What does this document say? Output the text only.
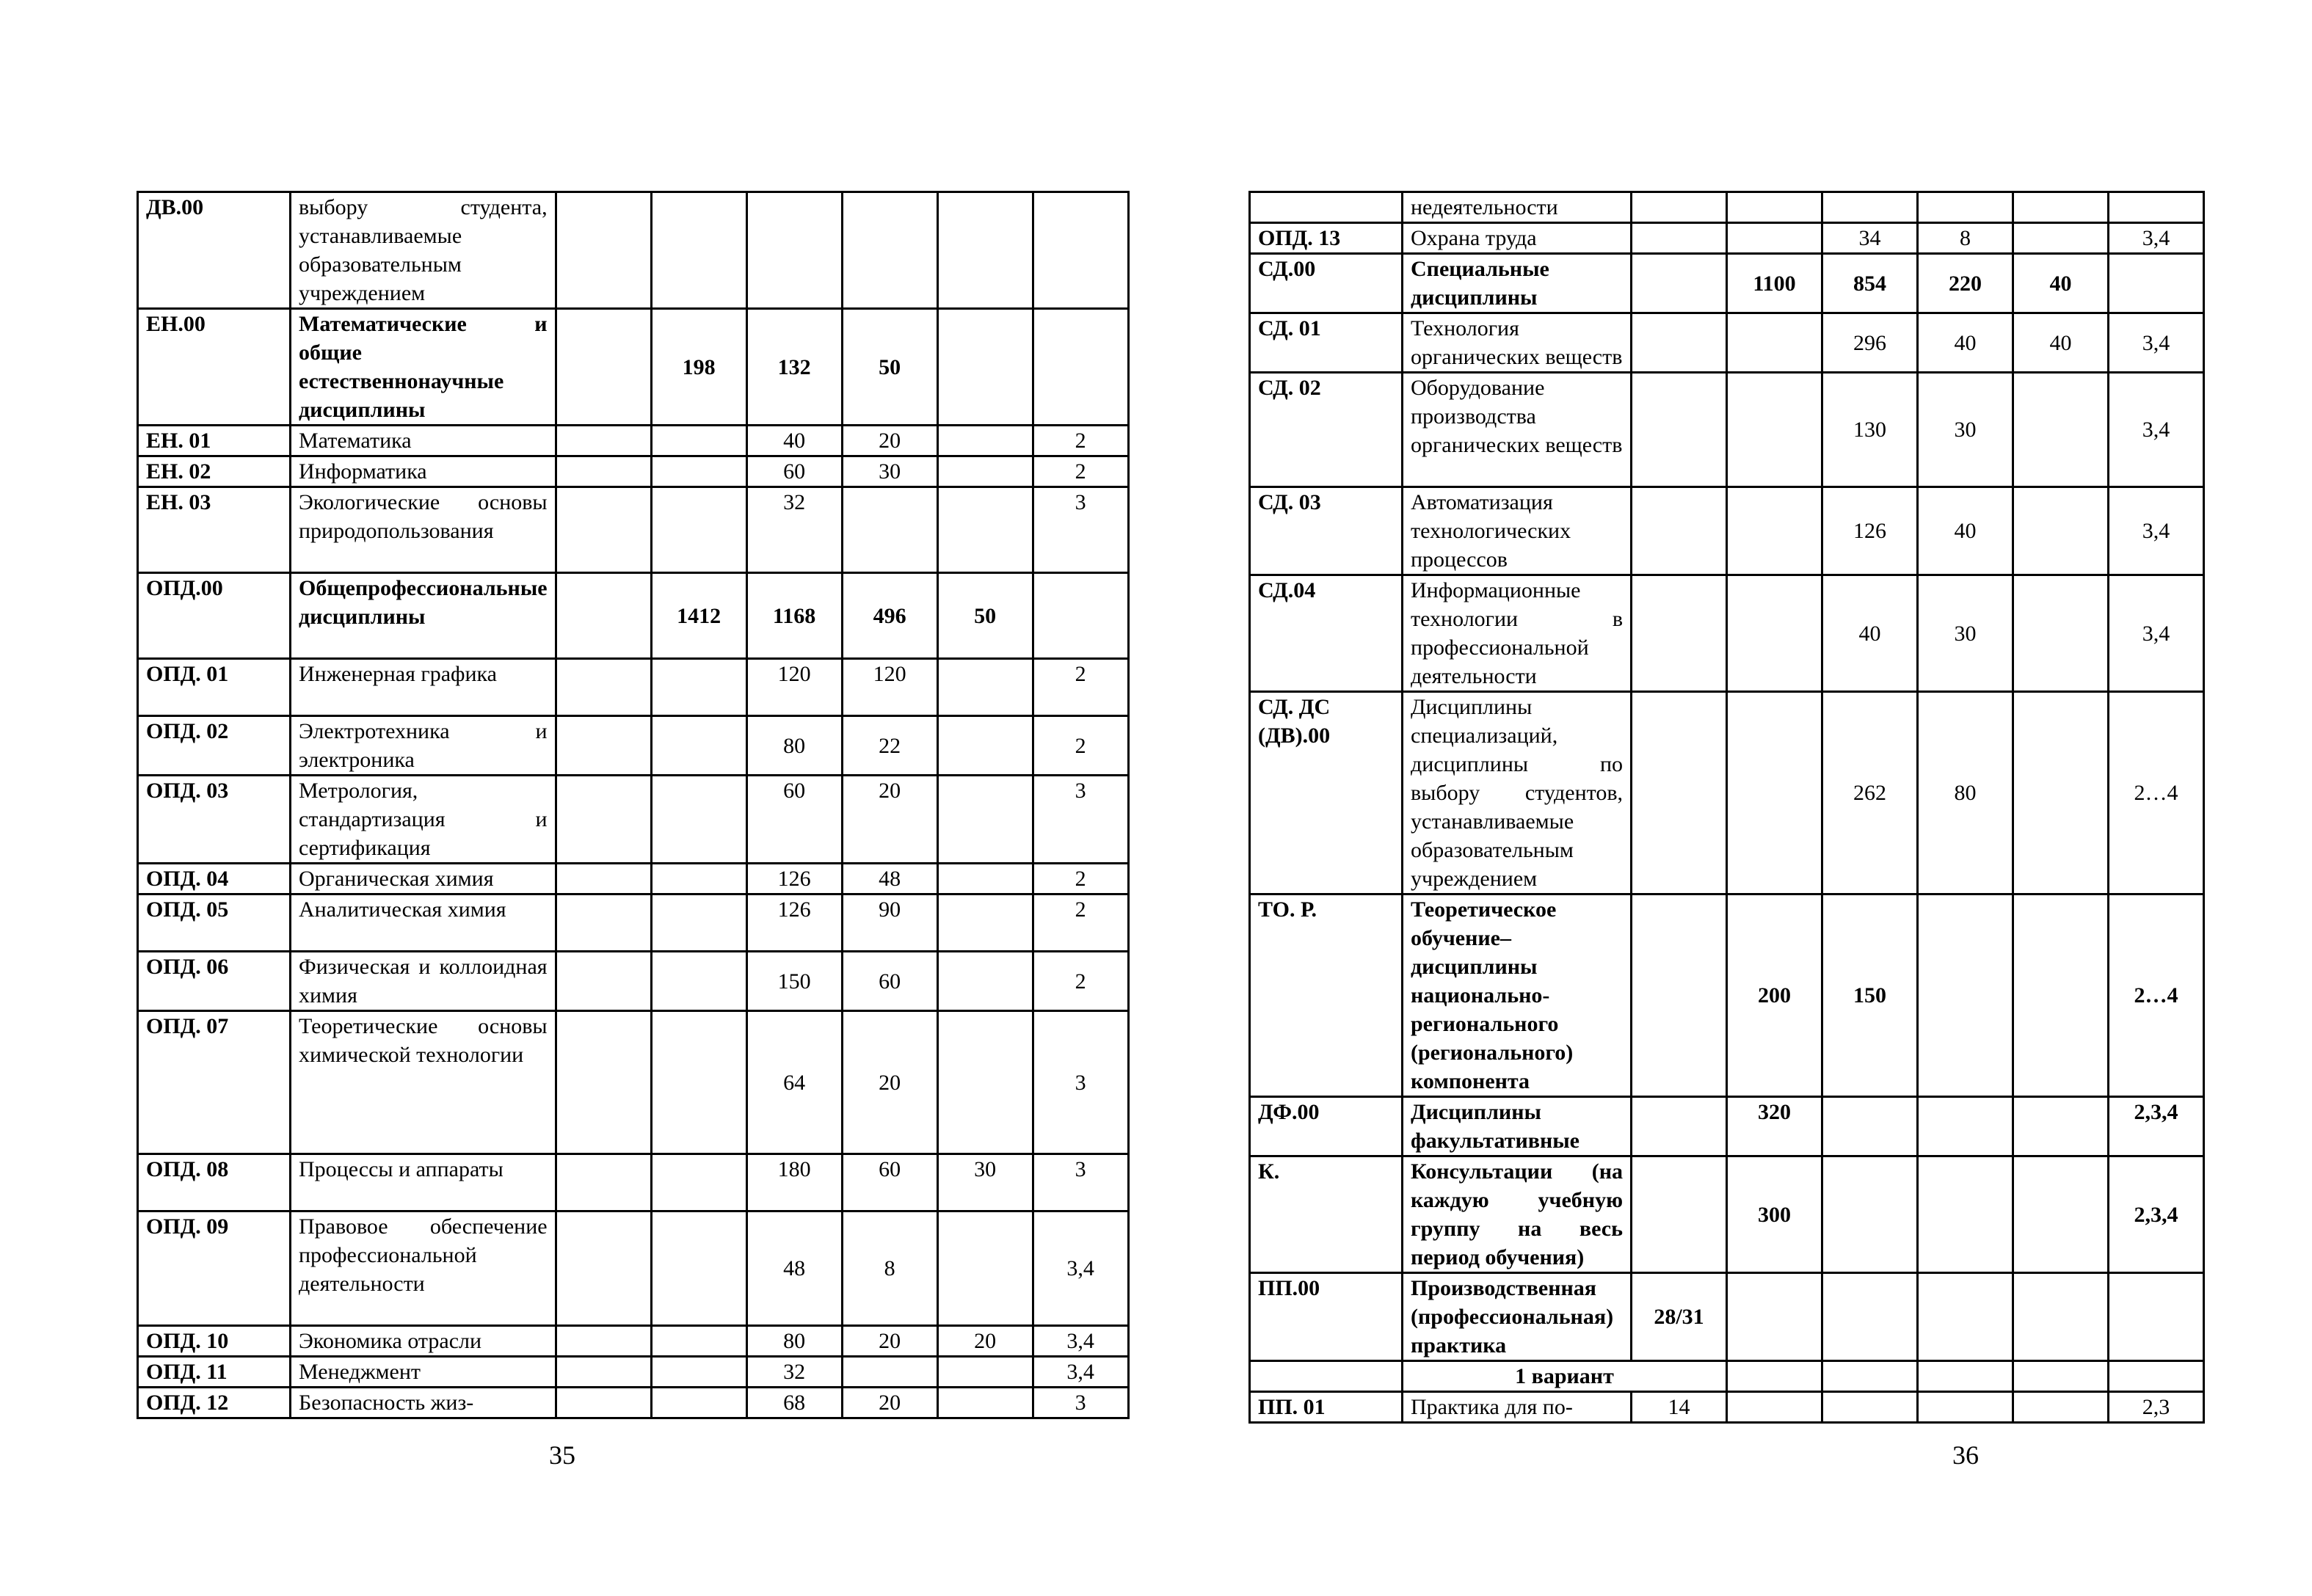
ДВ.00	выбору студента, устанавливаемые образовательным учреждением						
ЕН.00	Математические и общие естественнонаучные дисциплины		198	132	50		
ЕН. 01	Математика			40	20		2
ЕН. 02	Информатика			60	30		2
ЕН. 03	Экологические основы природопользования			32			3
ОПД.00	Общепрофессиональные дисциплины		1412	1168	496	50	
ОПД. 01	Инженерная графика			120	120		2
ОПД. 02	Электротехника и электроника			80	22		2
ОПД. 03	Метрология, стандартизация и сертификация			60	20		3
ОПД. 04	Органическая химия			126	48		2
ОПД. 05	Аналитическая химия			126	90		2
ОПД. 06	Физическая и коллоидная химия			150	60		2
ОПД. 07	Теоретические основы химической технологии			64	20		3
ОПД. 08	Процессы и аппараты			180	60	30	3
ОПД. 09	Правовое обеспечение профессиональной деятельности			48	8		3,4
ОПД. 10	Экономика отрасли			80	20	20	3,4
ОПД. 11	Менеджмент			32			3,4
ОПД. 12	Безопасность жиз-			68	20		3
35
	недеятельности						
ОПД. 13	Охрана труда			34	8		3,4
СД.00	Специальные дисциплины		1100	854	220	40	
СД. 01	Технология органических веществ			296	40	40	3,4
СД. 02	Оборудование производства органических веществ			130	30		3,4
СД. 03	Автоматизация технологических процессов			126	40		3,4
СД.04	Информационные технологии в профессиональной деятельности			40	30		3,4
СД. ДС (ДВ).00	Дисциплины специализаций, дисциплины по выбору студентов, устанавливаемые образовательным учреждением			262	80		2…4
ТО. Р.	Теоретическое обучение–дисциплины национально-регионального (регионального) компонента		200	150			2…4
ДФ.00	Дисциплины факультативные		320				2,3,4
К.	Консультации (на каждую учебную группу на весь период обучения)		300				2,3,4
ПП.00	Производственная (профессиональная) практика	28/31					
	1 вариант						
ПП. 01	Практика для по-	14					2,3
36
